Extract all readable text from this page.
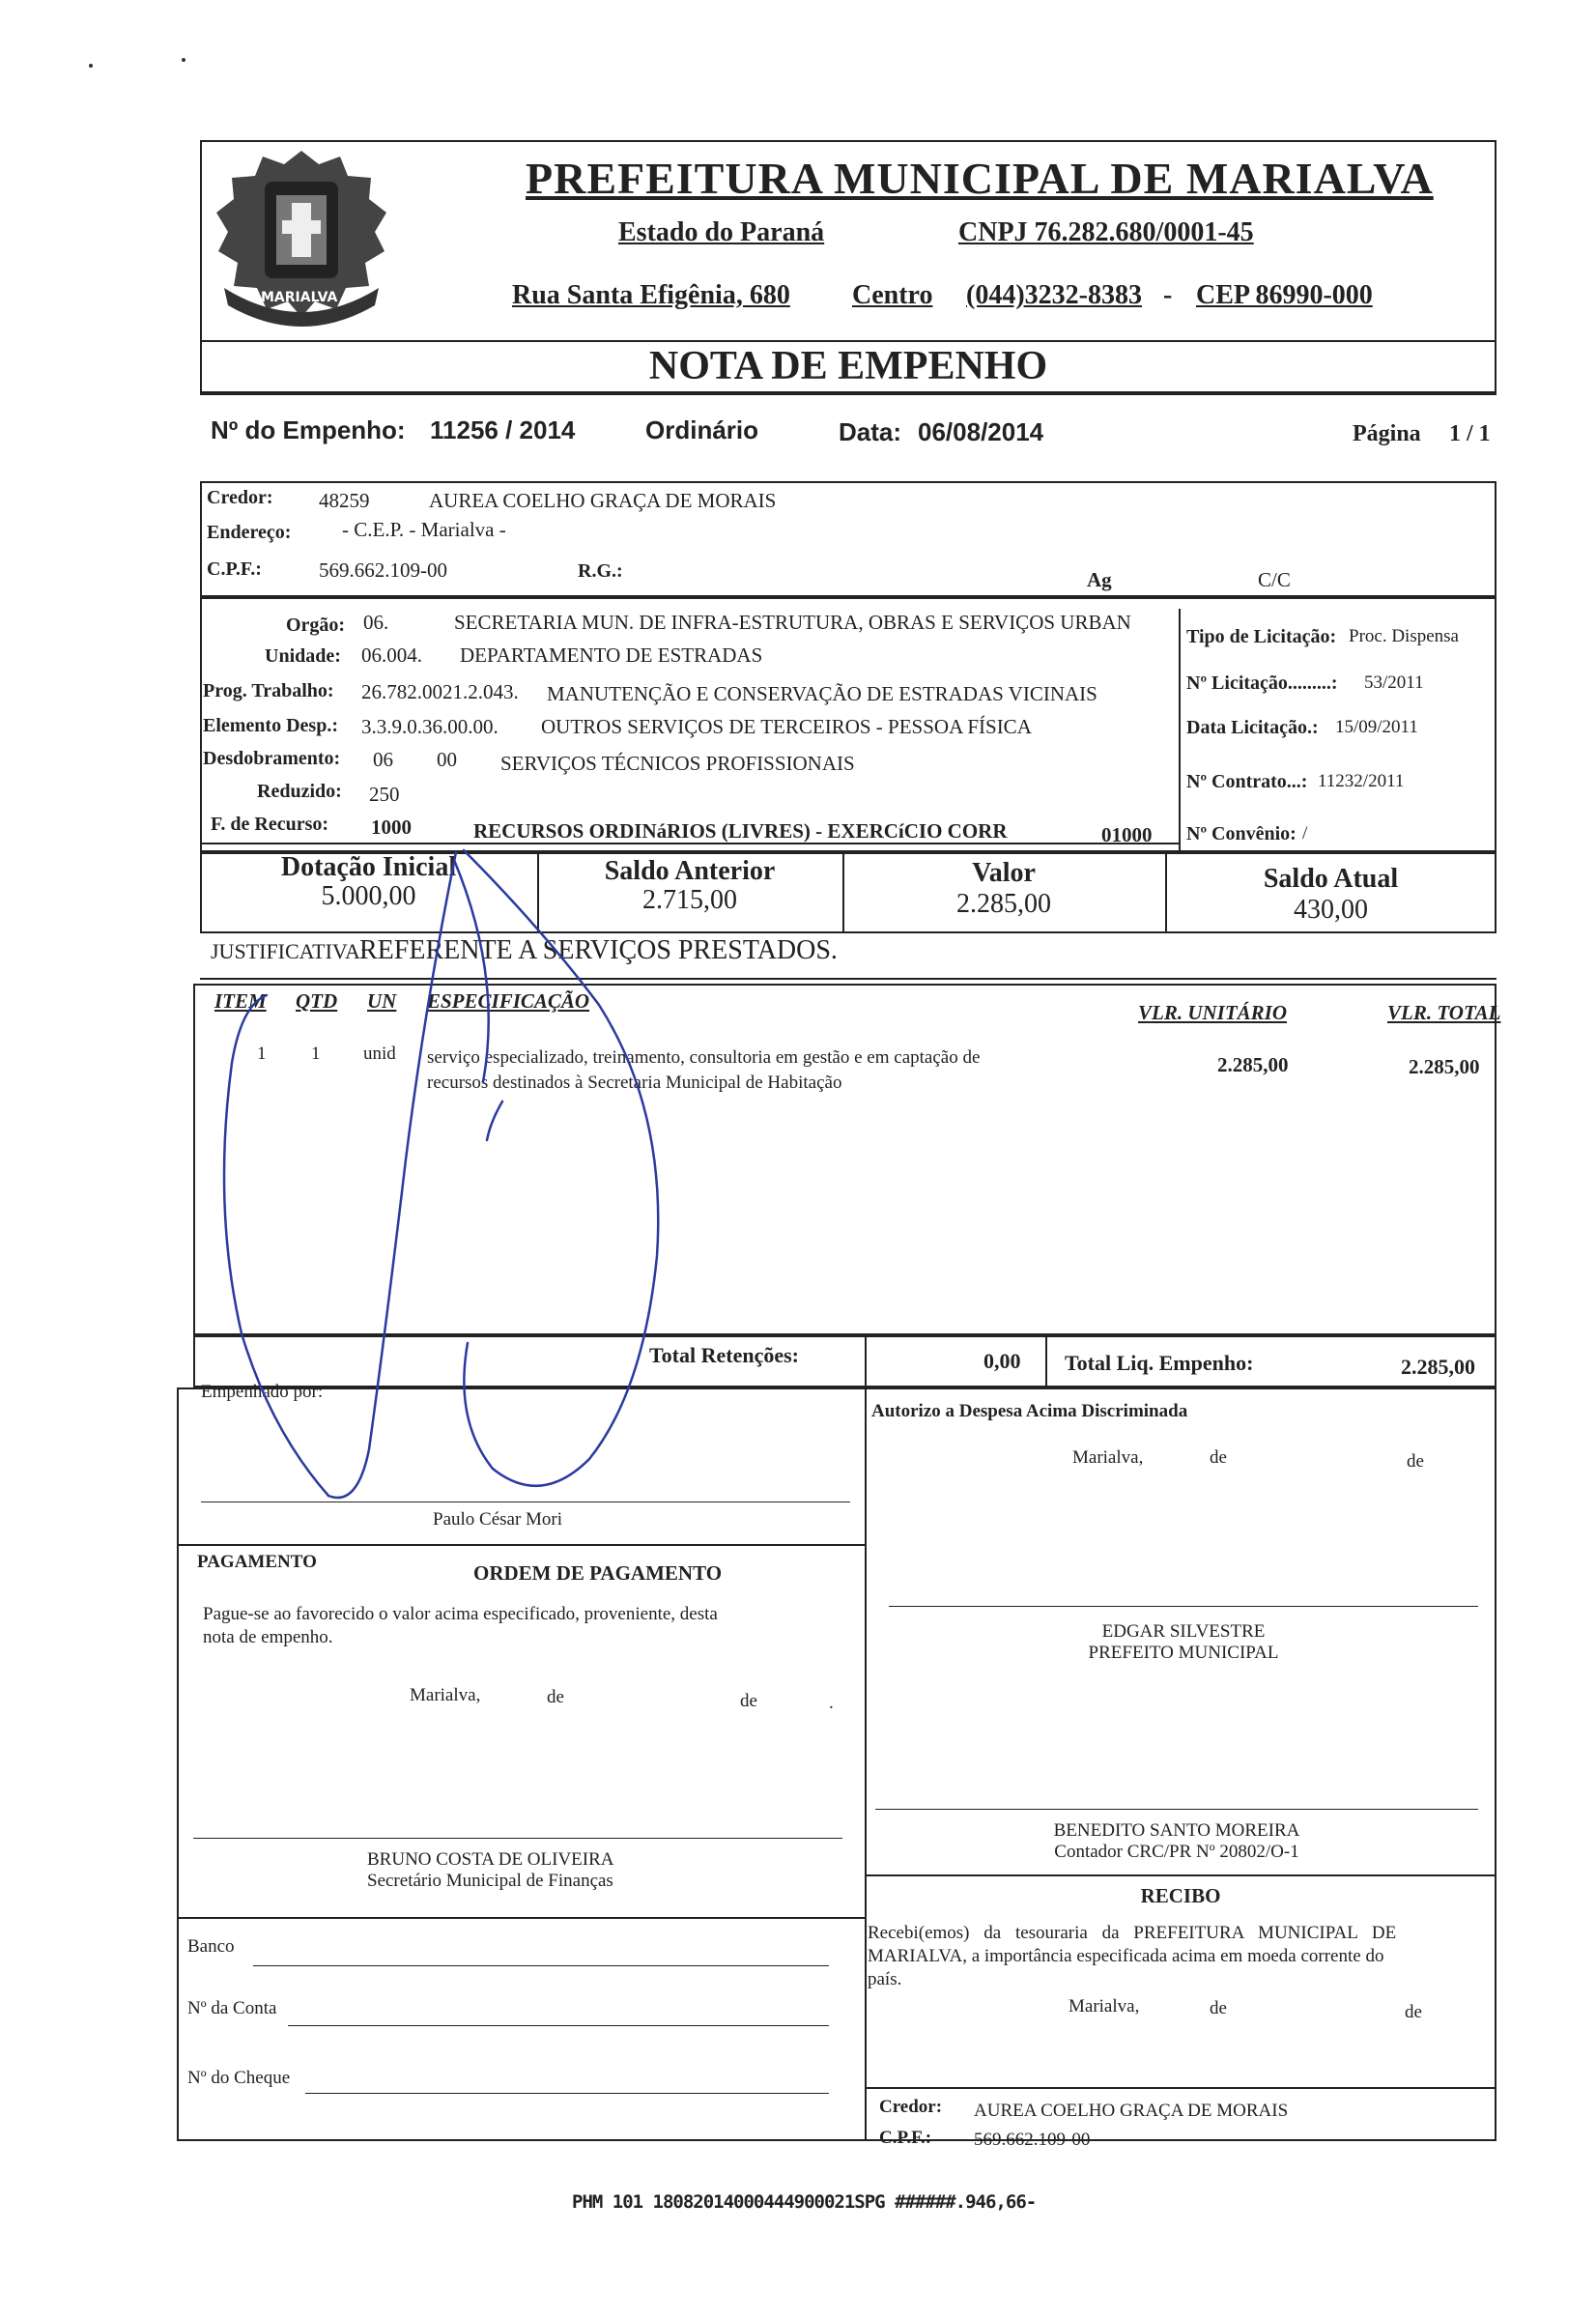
MARIALVA
PREFEITURA MUNICIPAL DE MARIALVA
Estado do Paraná	CNPJ 76.282.680/0001-45
Rua Santa Efigênia, 680 Centro (044)3232-8383 - CEP 86990-000
NOTA DE EMPENHO
Nº do Empenho: 11256 / 2014	Ordinário	Data: 06/08/2014	Página 1 / 1
Credor: 48259	AUREA COELHO GRAÇA DE MORAIS
Endereço:	- C.E.P. - Marialva -
C.P.F.:	569.662.109-00	R.G.:	Ag	C/C
Orgão: 06.	SECRETARIA MUN. DE INFRA-ESTRUTURA, OBRAS E SERVIÇOS URBAN
Unidade: 06.004. DEPARTAMENTO DE ESTRADAS
Prog. Trabalho: 26.782.0021.2.043. MANUTENÇÃO E CONSERVAÇÃO DE ESTRADAS VICINAIS
Elemento Desp.: 3.3.9.0.36.00.00. OUTROS SERVIÇOS DE TERCEIROS - PESSOA FÍSICA
Desdobramento: 06 00 SERVIÇOS TÉCNICOS PROFISSIONAIS
Reduzido: 250
F. de Recurso: 1000	RECURSOS ORDINáRIOS (LIVRES) - EXERCíCIO CORR	01000
Tipo de Licitação: Proc. Dispensa
Nº Licitação.........: 53/2011
Data Licitação.: 15/09/2011
Nº Contrato...: 11232/2011
Nº Convênio: /
Dotação Inicial
5.000,00
Saldo Anterior
2.715,00
Valor
2.285,00
Saldo Atual
430,00
JUSTIFICATIVA:
REFERENTE A SERVIÇOS PRESTADOS.
ITEM QTD UN ESPECIFICAÇÃO	VLR. UNITÁRIO	VLR. TOTAL
1 1 unid serviço especializado, treinamento, consultoria em gestão e em captação de
recursos destinados à Secretaria Municipal de Habitação
2.285,00	2.285,00
Total Retenções:	0,00 Total Liq. Empenho:	2.285,00
Empenhado por:
Paulo César Mori
Autorizo a Despesa Acima Discriminada
Marialva,	de	de
EDGAR SILVESTRE
PREFEITO MUNICIPAL
PAGAMENTO	ORDEM DE PAGAMENTO
Pague-se ao favorecido o valor acima especificado, proveniente, desta
nota de empenho.
Marialva,	de	de	.
BRUNO COSTA DE OLIVEIRA
Secretário Municipal de Finanças
Banco
Nº da Conta
Nº do Cheque
BENEDITO SANTO MOREIRA
Contador CRC/PR Nº 20802/O-1
RECIBO
Recebi(emos) da tesouraria da PREFEITURA MUNICIPAL DE
MARIALVA, a importância especificada acima em moeda corrente do
país.
Marialva,	de	de
Credor: AUREA COELHO GRAÇA DE MORAIS
C.P.F.: 569.662.109-00
PHM 101 18082014000444900021SPG ######.946,66-
